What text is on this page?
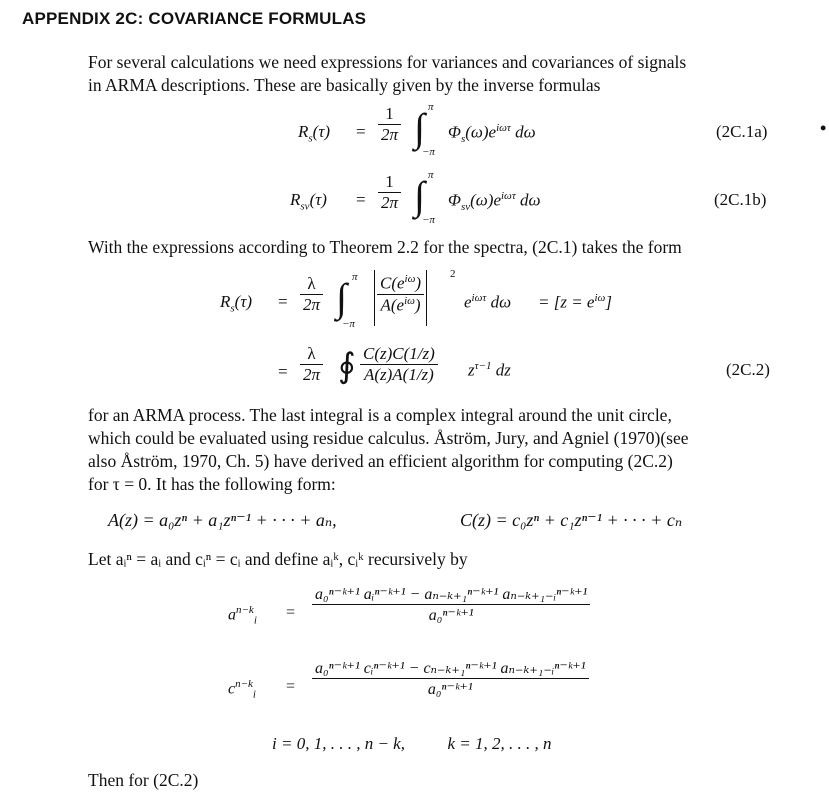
APPENDIX 2C: COVARIANCE FORMULAS
For several calculations we need expressions for variances and covariances of signals
in ARMA descriptions. These are basically given by the inverse formulas
$R_s(\tau) = \frac{1}{2\pi}$ ∫ π
−π
$\Phi_s(\omega)e^{i\omega\tau}$ dω	(2C.1a)
$R_{sv}(\tau) = \frac{1}{2\pi}$ ∫ π
−π
$\Phi_{sv}(\omega)e^{i\omega\tau}$ dω	(2C.1b)
With the expressions according to Theorem 2.2 for the spectra, (2C.1) takes the form
$R_s(\tau) = \frac{\lambda}{2\pi}$ ∫ π
−π
$\frac{C(e^{i\omega})}{A(e^{i\omega})} 2$
$e^{i\omega\tau}$ $d\omega = [z = e^{i\omega}]$
= $\frac{\lambda}{2\pi}$ ∮ $\frac{C(z)C(1/z)}{A(z)A(1/z)} z^{\tau-1}$ dz	(2C.2)
for an ARMA process. The last integral is a complex integral around the unit circle,
which could be evaluated using residue calculus. Åström, Jury, and Agniel (1970)(see
also Åström, 1970, Ch. 5) have derived an efficient algorithm for computing (2C.2)
for τ = 0. It has the following form:
A(z) = a₀zⁿ + a₁zⁿ⁻¹ + · · · + aₙ,	C(z) = c₀zⁿ + c₁zⁿ⁻¹ + · · · + cₙ
Let aᵢⁿ = aᵢ and cᵢⁿ = cᵢ and define aᵢᵏ, cᵢᵏ recursively by
$a^{n-k}_i$ =
a₀ⁿ⁻ᵏ⁺¹ aᵢⁿ⁻ᵏ⁺¹ − aₙ₋ₖ₊₁ⁿ⁻ᵏ⁺¹ aₙ₋ₖ₊₁₋ᵢⁿ⁻ᵏ⁺¹
a₀ⁿ⁻ᵏ⁺¹
$c^{n-k}_i$ =
a₀ⁿ⁻ᵏ⁺¹ cᵢⁿ⁻ᵏ⁺¹ − cₙ₋ₖ₊₁ⁿ⁻ᵏ⁺¹ aₙ₋ₖ₊₁₋ᵢⁿ⁻ᵏ⁺¹
a₀ⁿ⁻ᵏ⁺¹
i = 0, 1, . . . , n − k,          k = 1, 2, . . . , n
Then for (2C.2)
•
